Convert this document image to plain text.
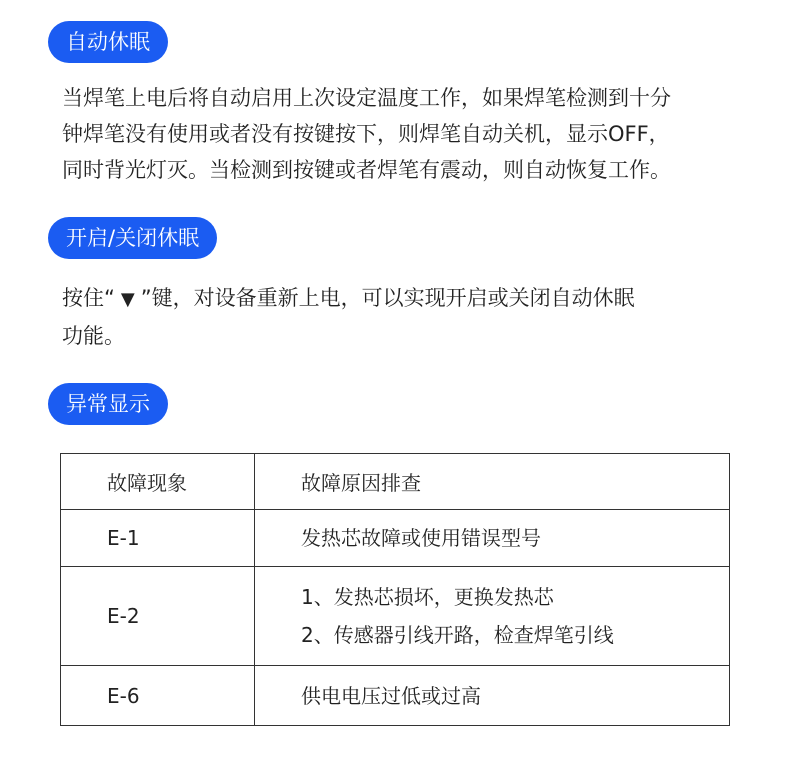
自动休眠
当焊笔上电后将自动启用上次设定温度工作，如果焊笔检测到十分
钟焊笔没有使用或者没有按键按下，则焊笔自动关机，显示OFF，
同时背光灯灭。当检测到按键或者焊笔有震动，则自动恢复工作。
开启/关闭休眠
按住“ ▼ ”键，对设备重新上电，可以实现开启或关闭自动休眠
功能。
异常显示
故障现象	故障原因排查
E-1	发热芯故障或使用错误型号

E-2	1、发热芯损坏，更换发热芯
2、传感器引线开路，检查焊笔引线

E-6	供电电压过低或过高
